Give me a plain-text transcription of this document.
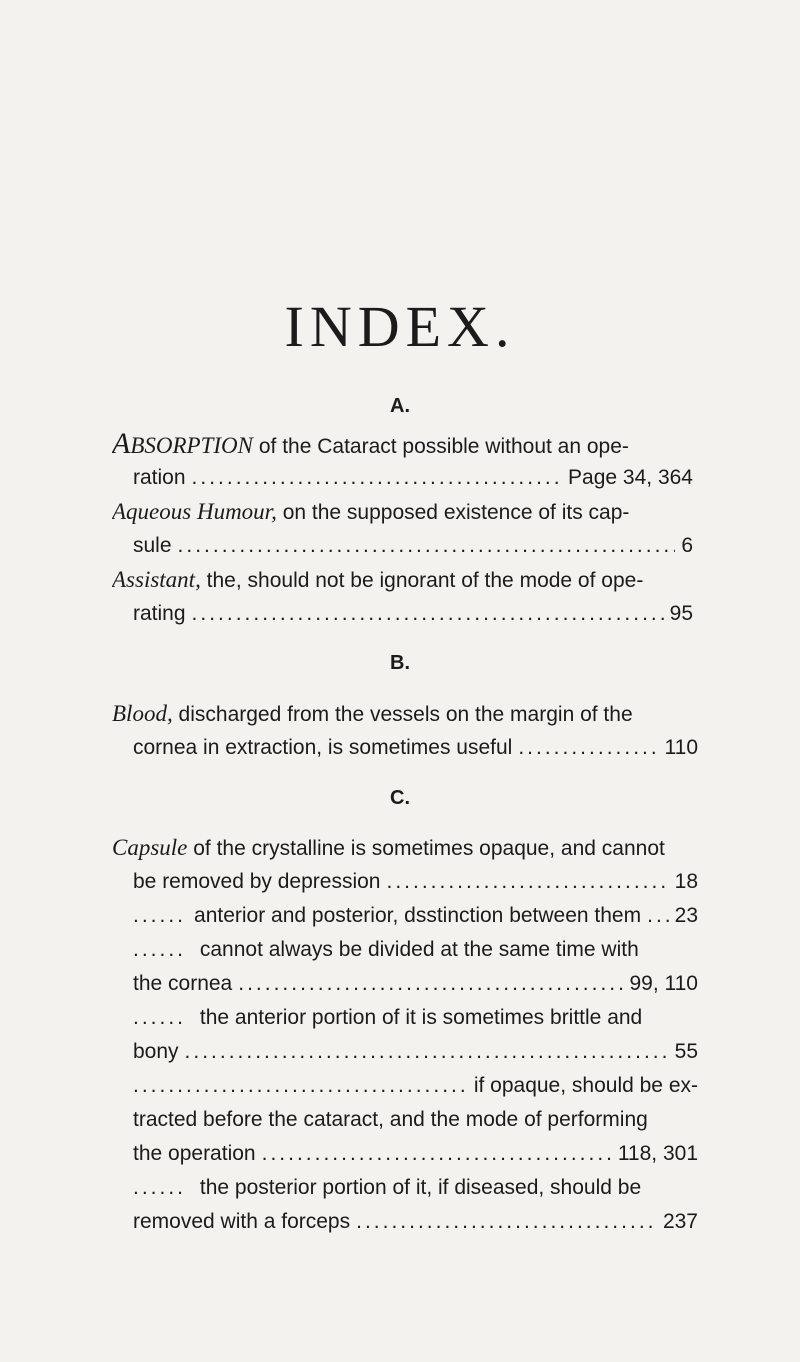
INDEX.
A.
ABSORPTION of the Cataract possible without an ope-
ration .....	Page 34, 364
Aqueous Humour, on the supposed existence of its cap-
sule .....	6
Assistant, the, should not be ignorant of the mode of ope-
rating .....	95
B.
Blood, discharged from the vessels on the margin of the
cornea in extraction, is sometimes useful .....	110
C.
Capsule of the crystalline is sometimes opaque, and cannot
be removed by depression .....	18
...... anterior and posterior, dsstinction between them ..... 23
...... cannot always be divided at the same time with
the cornea .....	99, 110
...... the anterior portion of it is sometimes brittle and
bony .....	55
.....
if opaque, should be ex-
tracted before the cataract, and the mode of performing
the operation .....	118, 301
...... the posterior portion of it, if diseased, should be
removed with a forceps .....	237
